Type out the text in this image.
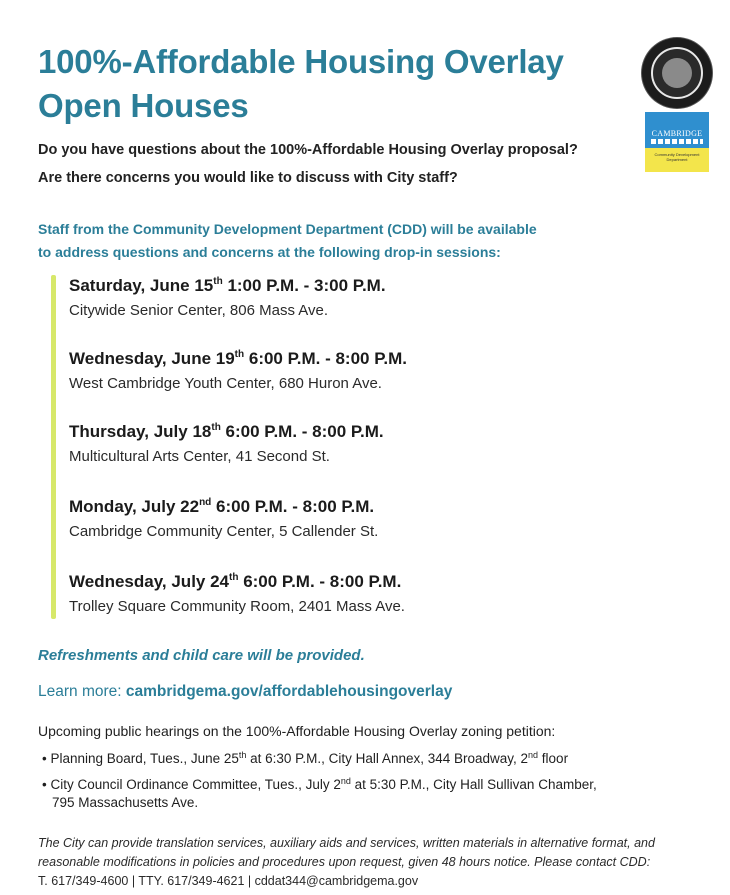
100%-Affordable Housing Overlay
Open Houses
CAMBRIDGE
Community Development Department
Do you have questions about the 100%-Affordable Housing Overlay proposal?
Are there concerns you would like to discuss with City staff?
Staff from the Community Development Department (CDD) will be available
to address questions and concerns at the following drop-in sessions:
Saturday, June 15th 1:00 P.M. - 3:00 P.M.
Citywide Senior Center, 806 Mass Ave.
Wednesday, June 19th 6:00 P.M. - 8:00 P.M.
West Cambridge Youth Center, 680 Huron Ave.
Thursday, July 18th 6:00 P.M. - 8:00 P.M.
Multicultural Arts Center, 41 Second St.
Monday, July 22nd 6:00 P.M. - 8:00 P.M.
Cambridge Community Center, 5 Callender St.
Wednesday, July 24th 6:00 P.M. - 8:00 P.M.
Trolley Square Community Room, 2401 Mass Ave.
Refreshments and child care will be provided.
Learn more: cambridgema.gov/affordablehousingoverlay
Upcoming public hearings on the 100%-Affordable Housing Overlay zoning petition:
• Planning Board, Tues., June 25th at 6:30 P.M., City Hall Annex, 344 Broadway, 2nd floor
• City Council Ordinance Committee, Tues., July 2nd at 5:30 P.M., City Hall Sullivan Chamber,
795 Massachusetts Ave.
The City can provide translation services, auxiliary aids and services, written materials in alternative format, and
reasonable modifications in policies and procedures upon request, given 48 hours notice. Please contact CDD:
T. 617/349-4600 | TTY. 617/349-4621 | cddat344@cambridgema.gov
